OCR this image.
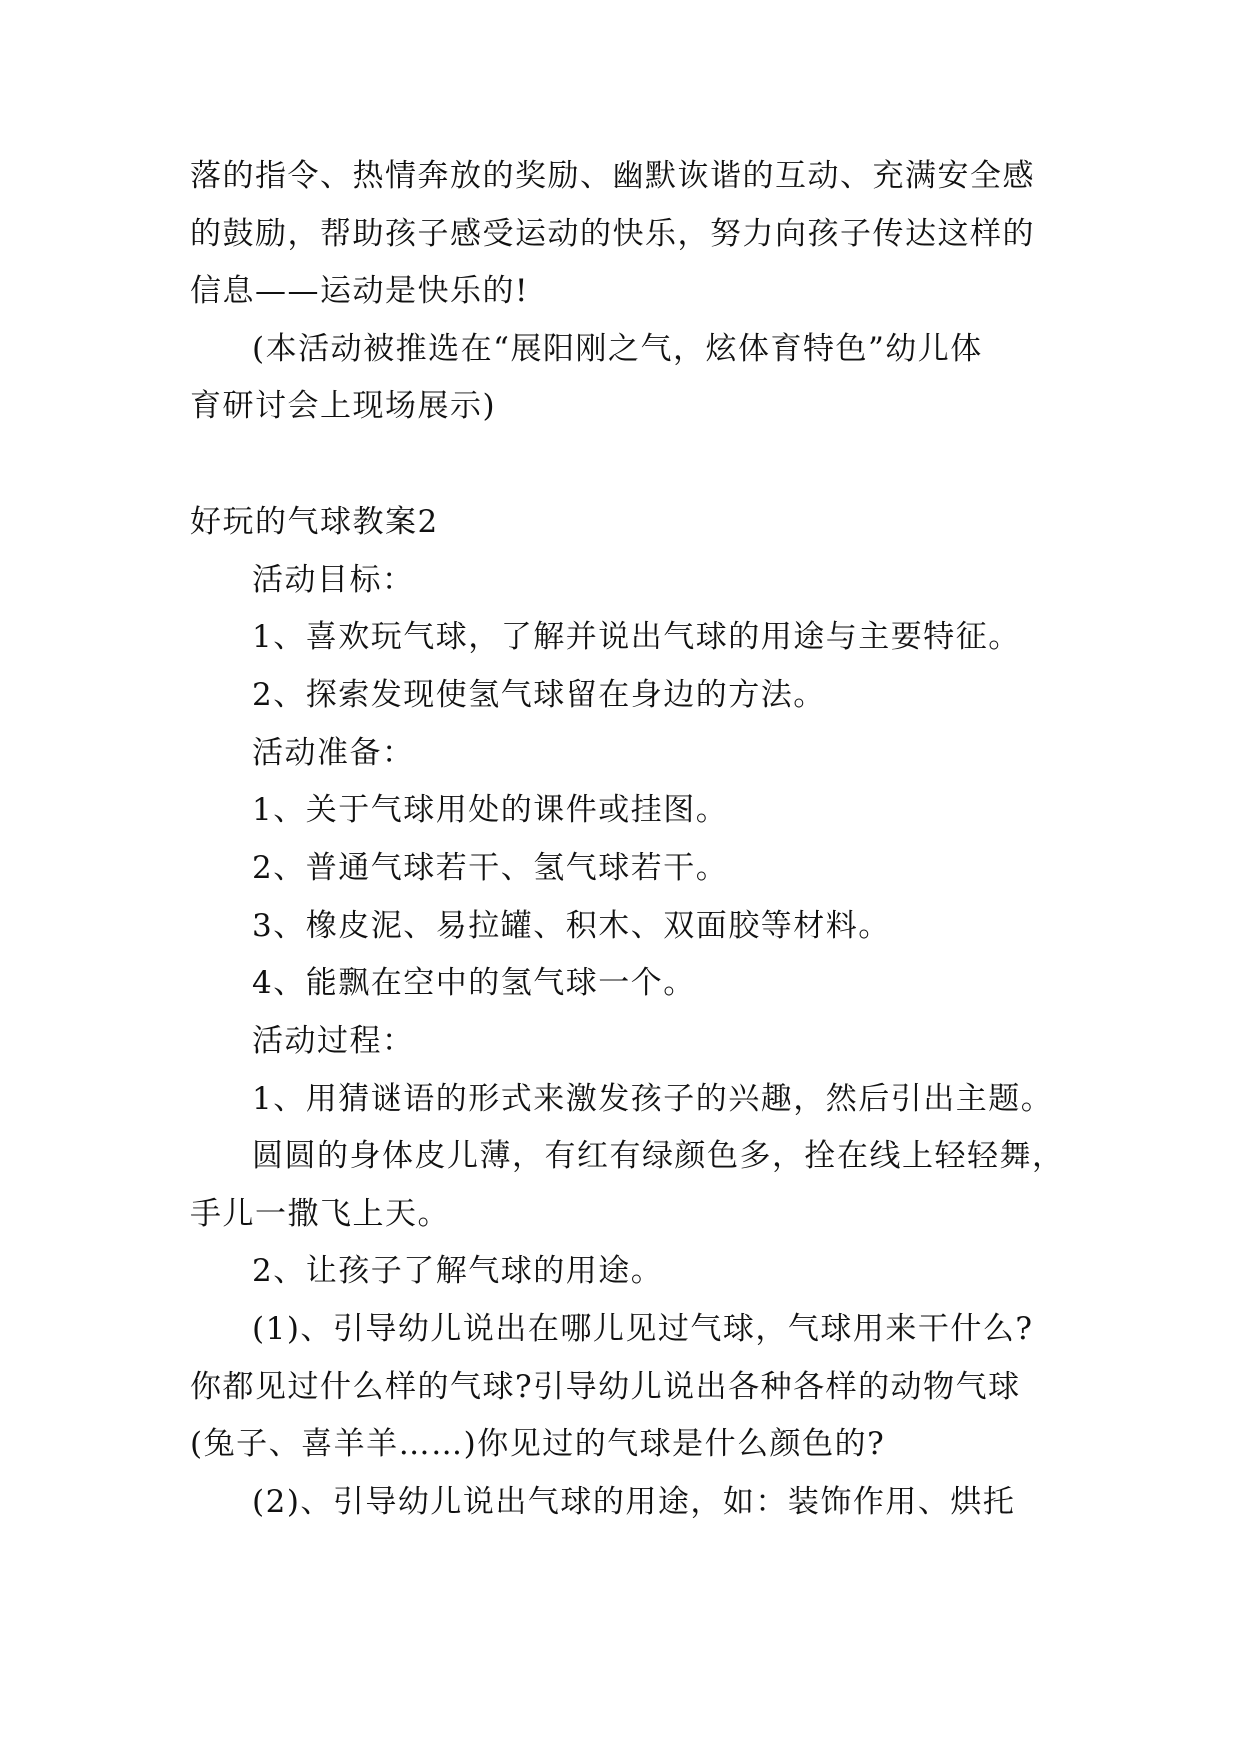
落的指令、热情奔放的奖励、幽默诙谐的互动、充满安全感
的鼓励，帮助孩子感受运动的快乐，努力向孩子传达这样的
信息——运动是快乐的!
(本活动被推选在“展阳刚之气，炫体育特色”幼儿体
育研讨会上现场展示)
好玩的气球教案2
活动目标：
1、喜欢玩气球，了解并说出气球的用途与主要特征。
2、探索发现使氢气球留在身边的方法。
活动准备：
1、关于气球用处的课件或挂图。
2、普通气球若干、氢气球若干。
3、橡皮泥、易拉罐、积木、双面胶等材料。
4、能飘在空中的氢气球一个。
活动过程：
1、用猜谜语的形式来激发孩子的兴趣，然后引出主题。
圆圆的身体皮儿薄，有红有绿颜色多，拴在线上轻轻舞，
手儿一撒飞上天。
2、让孩子了解气球的用途。
(1)、引导幼儿说出在哪儿见过气球，气球用来干什么?
你都见过什么样的气球?引导幼儿说出各种各样的动物气球
(兔子、喜羊羊……)你见过的气球是什么颜色的?
(2)、引导幼儿说出气球的用途，如：装饰作用、烘托
